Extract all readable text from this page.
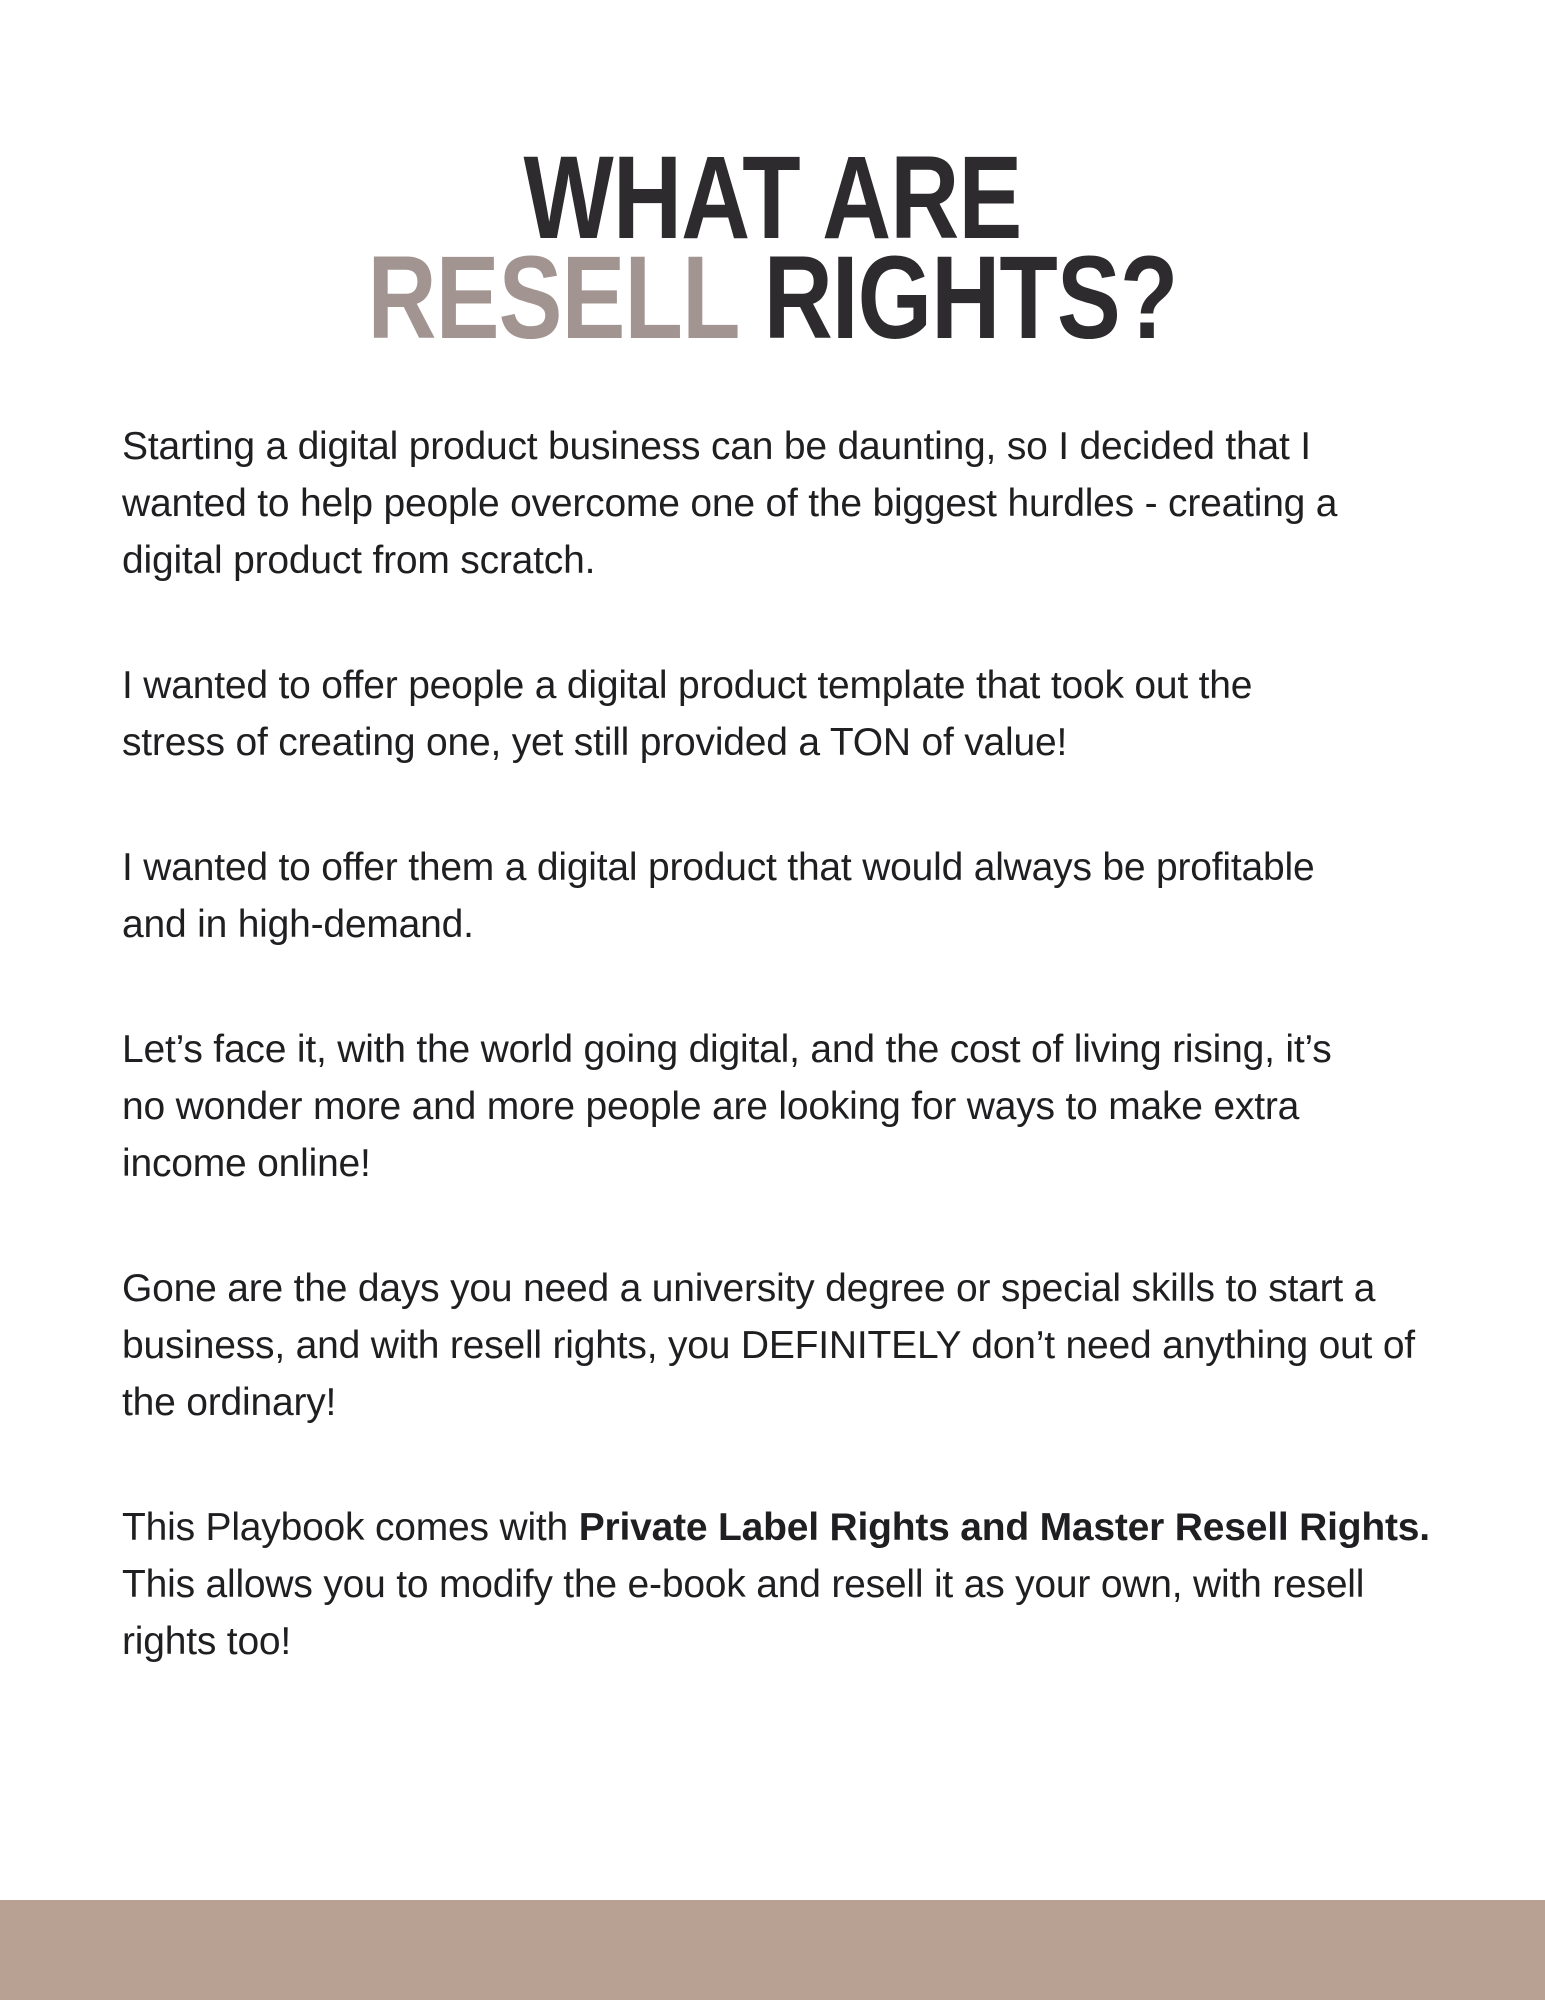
WHAT ARE
RESELL RIGHTS?
Starting a digital product business can be daunting, so I decided that I
wanted to help people overcome one of the biggest hurdles - creating a
digital product from scratch.
I wanted to offer people a digital product template that took out the
stress of creating one, yet still provided a TON of value!
I wanted to offer them a digital product that would always be profitable
and in high-demand.
Let’s face it, with the world going digital, and the cost of living rising, it’s
no wonder more and more people are looking for ways to make extra
income online!
Gone are the days you need a university degree or special skills to start a
business, and with resell rights, you DEFINITELY don’t need anything out of
the ordinary!
This Playbook comes with Private Label Rights and Master Resell Rights.
This allows you to modify the e-book and resell it as your own, with resell
rights too!
